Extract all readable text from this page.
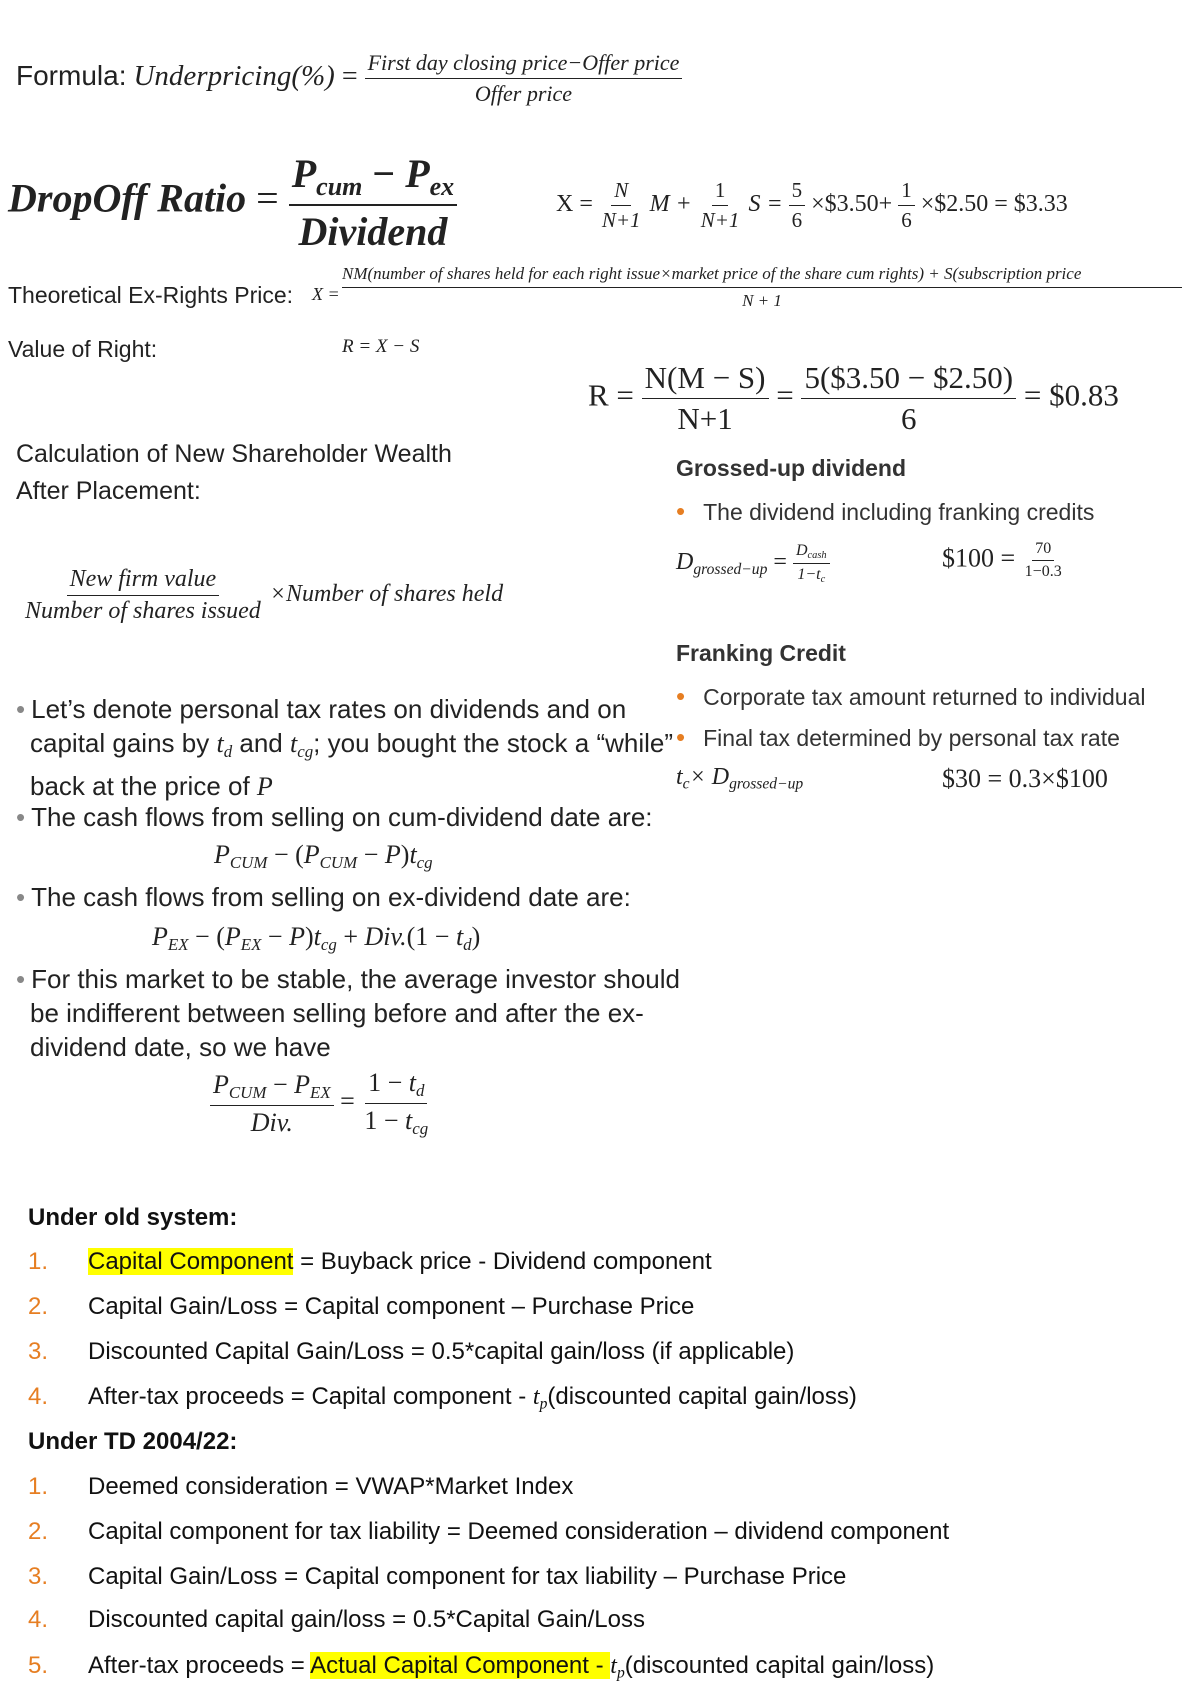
Formula: Underpricing(%) = $\frac{\text{First day closing price−Offer price}}{\text{Offer price}}$
DropOff Ratio = $\frac{P_{cum} - P_{ex}}{\text{Dividend}}$	$X = \frac{N}{N+1}$ $M + \frac{1}{N+1}$ $S = \frac{5}{6}$ ×$3.50+ $\frac{1}{6}$ ×$2.50 = $3.33
Theoretical Ex-Rights Price: X =
NM(number of shares held for each right issue×market price of the share cum rights) + S(subscription price
N + 1
Value of Right:	R = X − S
$R = \frac{N(M - S)}{N+1} = \frac{5(\$3.50 - \$2.50)}{6}$ = $0.83
Calculation of New Shareholder Wealth
After Placement:
$\frac{\text{New firm value}}{\text{Number of shares issued}}$ ×Number of shares held
Grossed-up dividend
• The dividend including franking credits
$D_{grossed-up} = \frac{D_{cash}}{1-t_c}$	$100 = $\frac{70}{1-0.3}$
Franking Credit
• Corporate tax amount returned to individual
• Final tax determined by personal tax rate
$t_c\times D_{grossed-up}$	$30 = 0.3×$100
• Let’s denote personal tax rates on dividends and on
capital gains by $t_d$ and $t_{cg}$; you bought the stock a “while”
back at the price of P
• The cash flows from selling on cum-dividend date are:
$P_{CUM} - (P_{CUM} - P)t_{cg}$
• The cash flows from selling on ex-dividend date are:
$P_{EX} - (P_{EX} - P)t_{cg} + Div.(1 - t_d)$
• For this market to be stable, the average investor should
be indifferent between selling before and after the ex-
dividend date, so we have
$\frac{P_{CUM} - P_{EX}}{\text{Div.}} = \frac{1 - t_d}{1 - t_{cg}}$
Under old system:
1. Capital Component = Buyback price - Dividend component
2. Capital Gain/Loss = Capital component – Purchase Price
3. Discounted Capital Gain/Loss = 0.5*capital gain/loss (if applicable)
4. After-tax proceeds = Capital component - $t_p(discounted$ capital gain/loss)
Under TD 2004/22:
1. Deemed consideration = VWAP*Market Index
2. Capital component for tax liability = Deemed consideration – dividend component
3. Capital Gain/Loss = Capital component for tax liability – Purchase Price
4. Discounted capital gain/loss = 0.5*Capital Gain/Loss
5. After-tax proceeds = Actual Capital Component - $t_p(discounted$ capital gain/loss)
